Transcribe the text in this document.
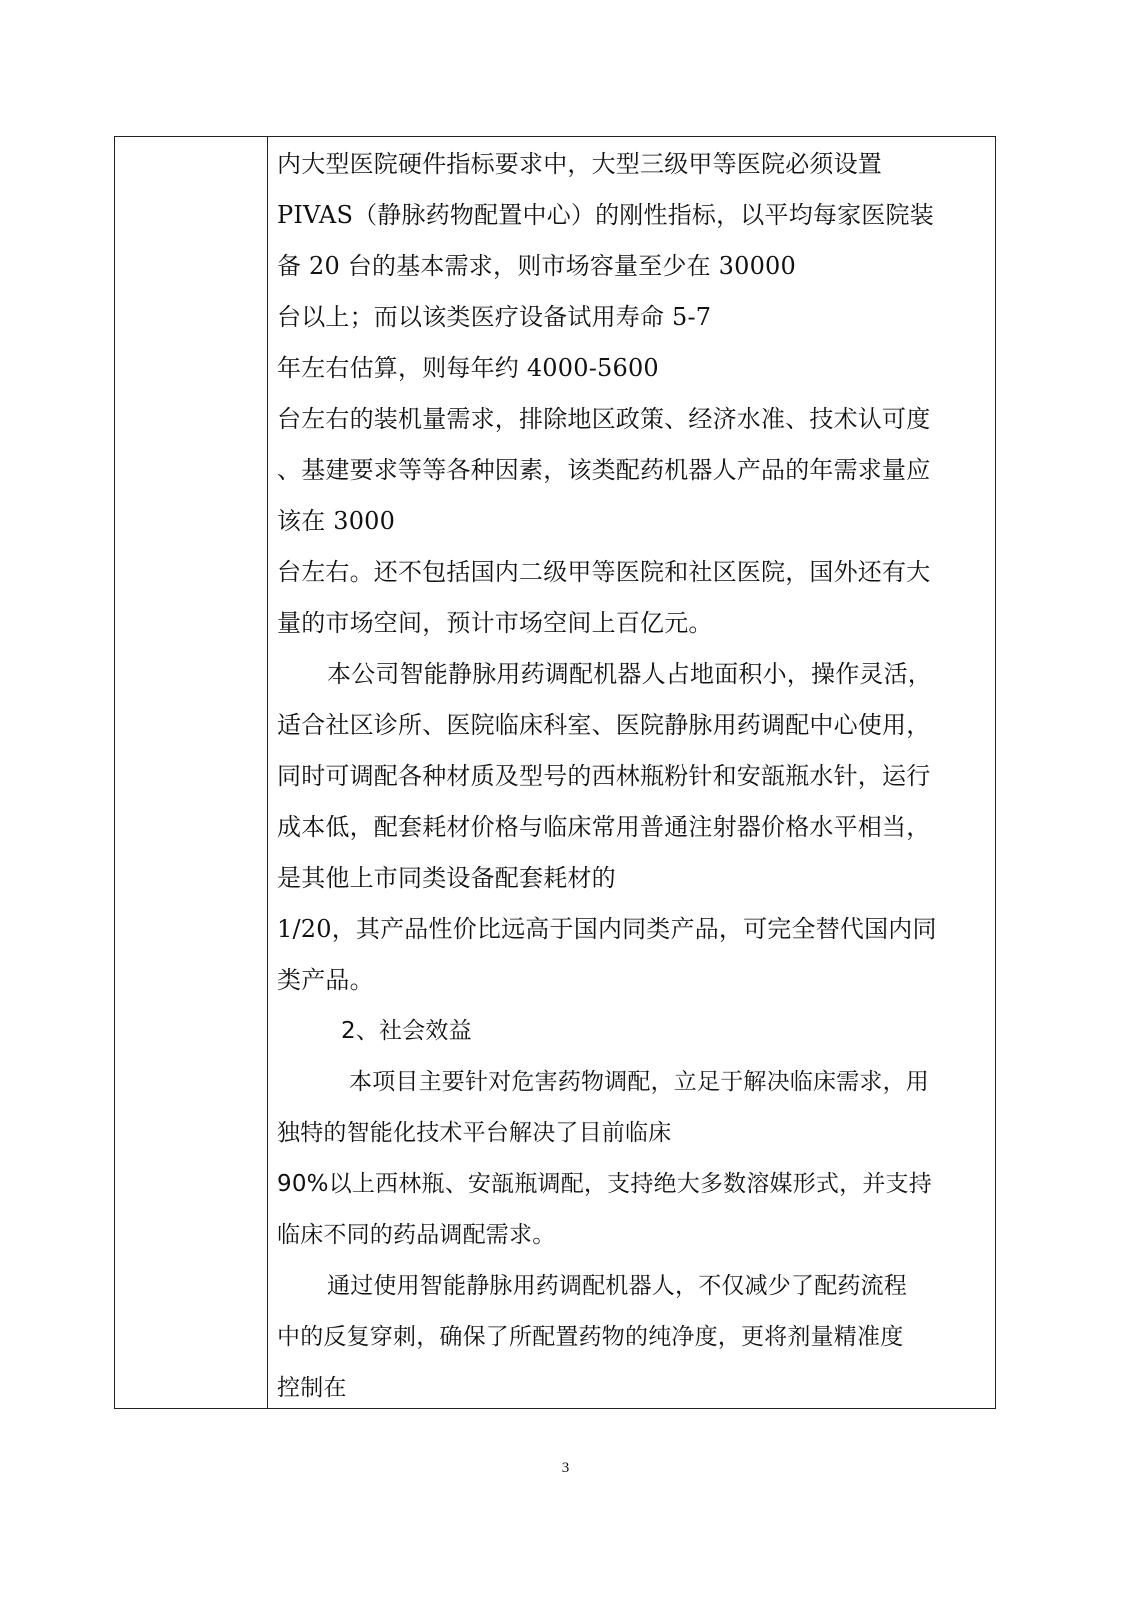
内大型医院硬件指标要求中，大型三级甲等医院必须设置
PIVAS（静脉药物配置中心）的刚性指标，以平均每家医院装
备 20 台的基本需求，则市场容量至少在 30000
台以上；而以该类医疗设备试用寿命 5-7
年左右估算，则每年约 4000-5600
台左右的装机量需求，排除地区政策、经济水准、技术认可度
、基建要求等等各种因素，该类配药机器人产品的年需求量应
该在 3000
台左右。还不包括国内二级甲等医院和社区医院，国外还有大
量的市场空间，预计市场空间上百亿元。
本公司智能静脉用药调配机器人占地面积小，操作灵活，
适合社区诊所、医院临床科室、医院静脉用药调配中心使用，
同时可调配各种材质及型号的西林瓶粉针和安瓿瓶水针，运行
成本低，配套耗材价格与临床常用普通注射器价格水平相当，
是其他上市同类设备配套耗材的
1/20，其产品性价比远高于国内同类产品，可完全替代国内同
类产品。
2、社会效益
本项目主要针对危害药物调配，立足于解决临床需求，用
独特的智能化技术平台解决了目前临床
90%以上西林瓶、安瓿瓶调配，支持绝大多数溶媒形式，并支持
临床不同的药品调配需求。
通过使用智能静脉用药调配机器人，不仅减少了配药流程
中的反复穿刺，确保了所配置药物的纯净度，更将剂量精准度
控制在
3
